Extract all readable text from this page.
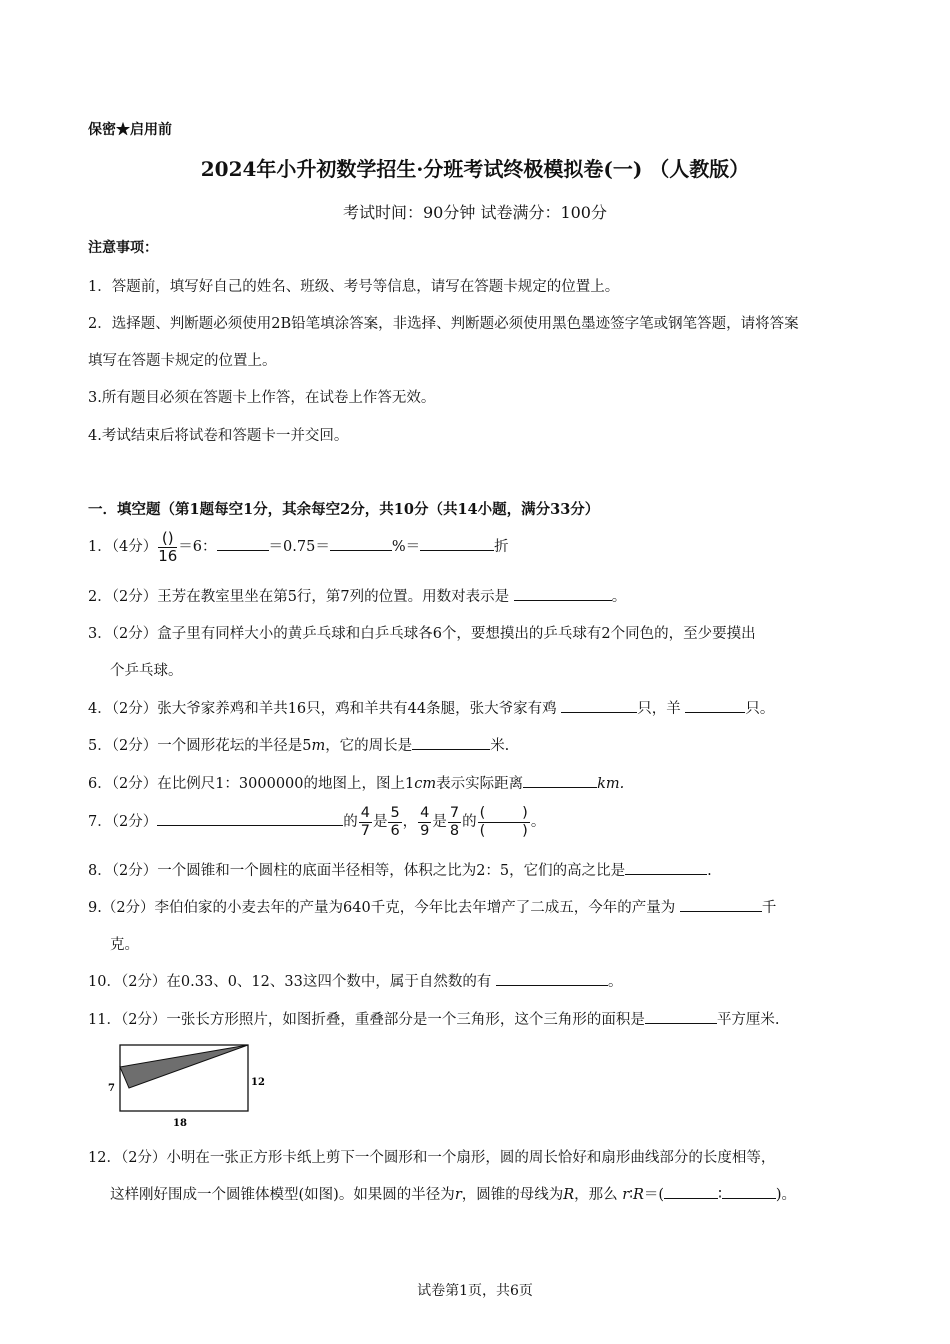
保密★启用前
2024年小升初数学招生·分班考试终极模拟卷(一) （人教版）
考试时间：90分钟 试卷满分：100分
注意事项：
1．答题前，填写好自己的姓名、班级、考号等信息，请写在答题卡规定的位置上。
2．选择题、判断题必须使用2B铅笔填涂答案，非选择、判断题必须使用黑色墨迹签字笔或钢笔答题，请将答案
填写在答题卡规定的位置上。
3.所有题目必须在答题卡上作答，在试卷上作答无效。
4.考试结束后将试卷和答题卡一并交回。
一．填空题（第1题每空1分，其余每空2分，共10分（共14小题，满分33分）
1．（4分） $\frac{()}{16} =6$：	＝0.75＝	%＝	折
2．（2分）王芳在教室里坐在第5行，第7列的位置。用数对表示是	。
3．（2分）盒子里有同样大小的黄乒乓球和白乒乓球各6个，要想摸出的乒乓球有2个同色的，至少要摸出
个乒乓球。
4．（2分）张大爷家养鸡和羊共16只，鸡和羊共有44条腿，张大爷家有鸡	只，羊	只。
5．（2分）一个圆形花坛的半径是5m，它的周长是	米.
6．（2分）在比例尺1：3000000的地图上，图上1cm表示实际距离	km.
7．（2分）	的 $\frac{4}{7}$ 是 $\frac{5}{6}$ ， $\frac{4}{9}$ 是 $\frac{7}{8}$ 的 $\frac{( )}{( )}$ 。
8．（2分）一个圆锥和一个圆柱的底面半径相等，体积之比为2：5，它们的高之比是	.
9.（2分）李伯伯家的小麦去年的产量为640千克，今年比去年增产了二成五，今年的产量为	千
克。
10．（2分）在0.33、0、12、33这四个数中，属于自然数的有	。
11．（2分）一张长方形照片，如图折叠，重叠部分是一个三角形，这个三角形的面积是	平方厘米.
7
12
18
12．（2分）小明在一张正方形卡纸上剪下一个圆形和一个扇形，圆的周长恰好和扇形曲线部分的长度相等，
这样刚好围成一个圆锥体模型(如图)。如果圆的半径为r，圆锥的母线为R，那么 r∶R＝(	∶	)。
试卷第1页，共6页
